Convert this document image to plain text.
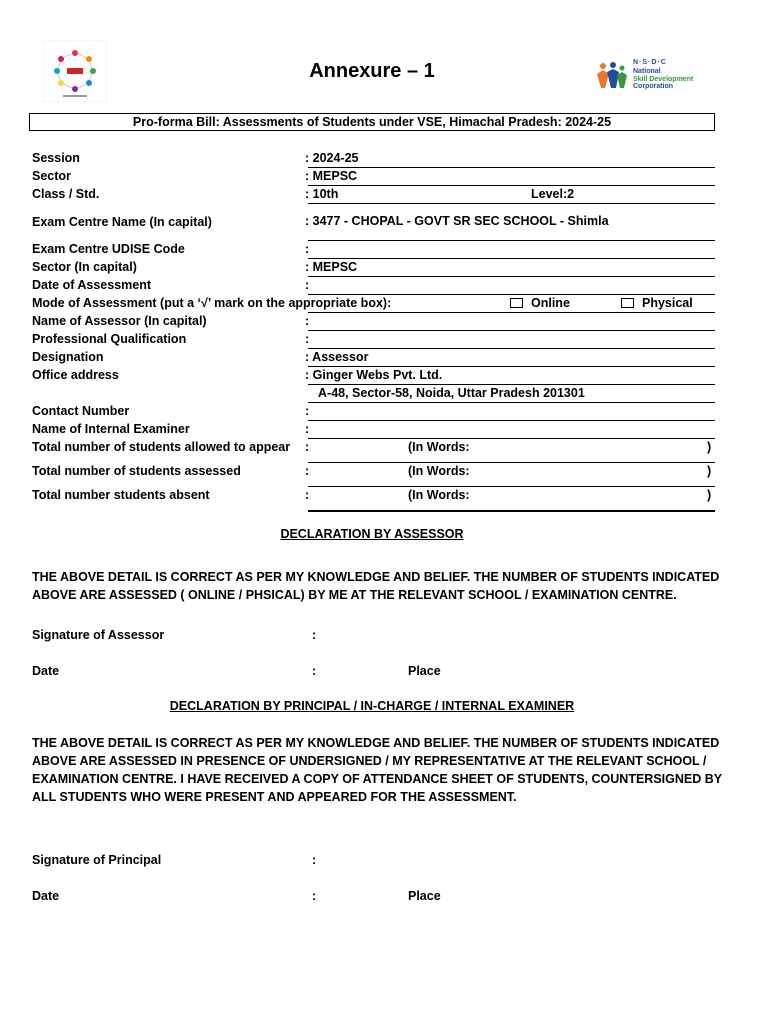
Annexure – 1	N·S·D·C
National
Skill Development
Corporation
Pro-forma Bill: Assessments of Students under VSE, Himachal Pradesh: 2024-25
Session	: 2024-25
Sector	: MEPSC
Class / Std.	: 10th	Level:2
Exam Centre Name (In capital)	: 3477 - CHOPAL - GOVT SR SEC SCHOOL - Shimla
Exam Centre UDISE Code	:
Sector (In capital)	: MEPSC
Date of Assessment	:
Mode of Assessment (put a ‘√’ mark on the appropriate box):	Online	Physical
Name of Assessor (In capital)	:
Professional Qualification	:
Designation	: Assessor
Office address	: Ginger Webs Pvt. Ltd.
A-48, Sector-58, Noida, Uttar Pradesh 201301
Contact Number	:
Name of Internal Examiner	:
Total number of students allowed to appear :	(In Words:	)
Total number of students assessed	:	(In Words:	)
Total number students absent	:	(In Words:	)
DECLARATION BY ASSESSOR
THE ABOVE DETAIL IS CORRECT AS PER MY KNOWLEDGE AND BELIEF. THE NUMBER OF STUDENTS INDICATED ABOVE ARE ASSESSED ( ONLINE / PHSICAL) BY ME AT THE RELEVANT SCHOOL / EXAMINATION CENTRE.
Signature of Assessor	:
Date	:	Place
DECLARATION BY PRINCIPAL / IN-CHARGE / INTERNAL EXAMINER
THE ABOVE DETAIL IS CORRECT AS PER MY KNOWLEDGE AND BELIEF. THE NUMBER OF STUDENTS INDICATED ABOVE ARE ASSESSED IN PRESENCE OF UNDERSIGNED / MY REPRESENTATIVE AT THE RELEVANT SCHOOL / EXAMINATION CENTRE. I HAVE RECEIVED A COPY OF ATTENDANCE SHEET OF STUDENTS, COUNTERSIGNED BY ALL STUDENTS WHO WERE PRESENT AND APPEARED FOR THE ASSESSMENT.
Signature of Principal	:
Date	:	Place
